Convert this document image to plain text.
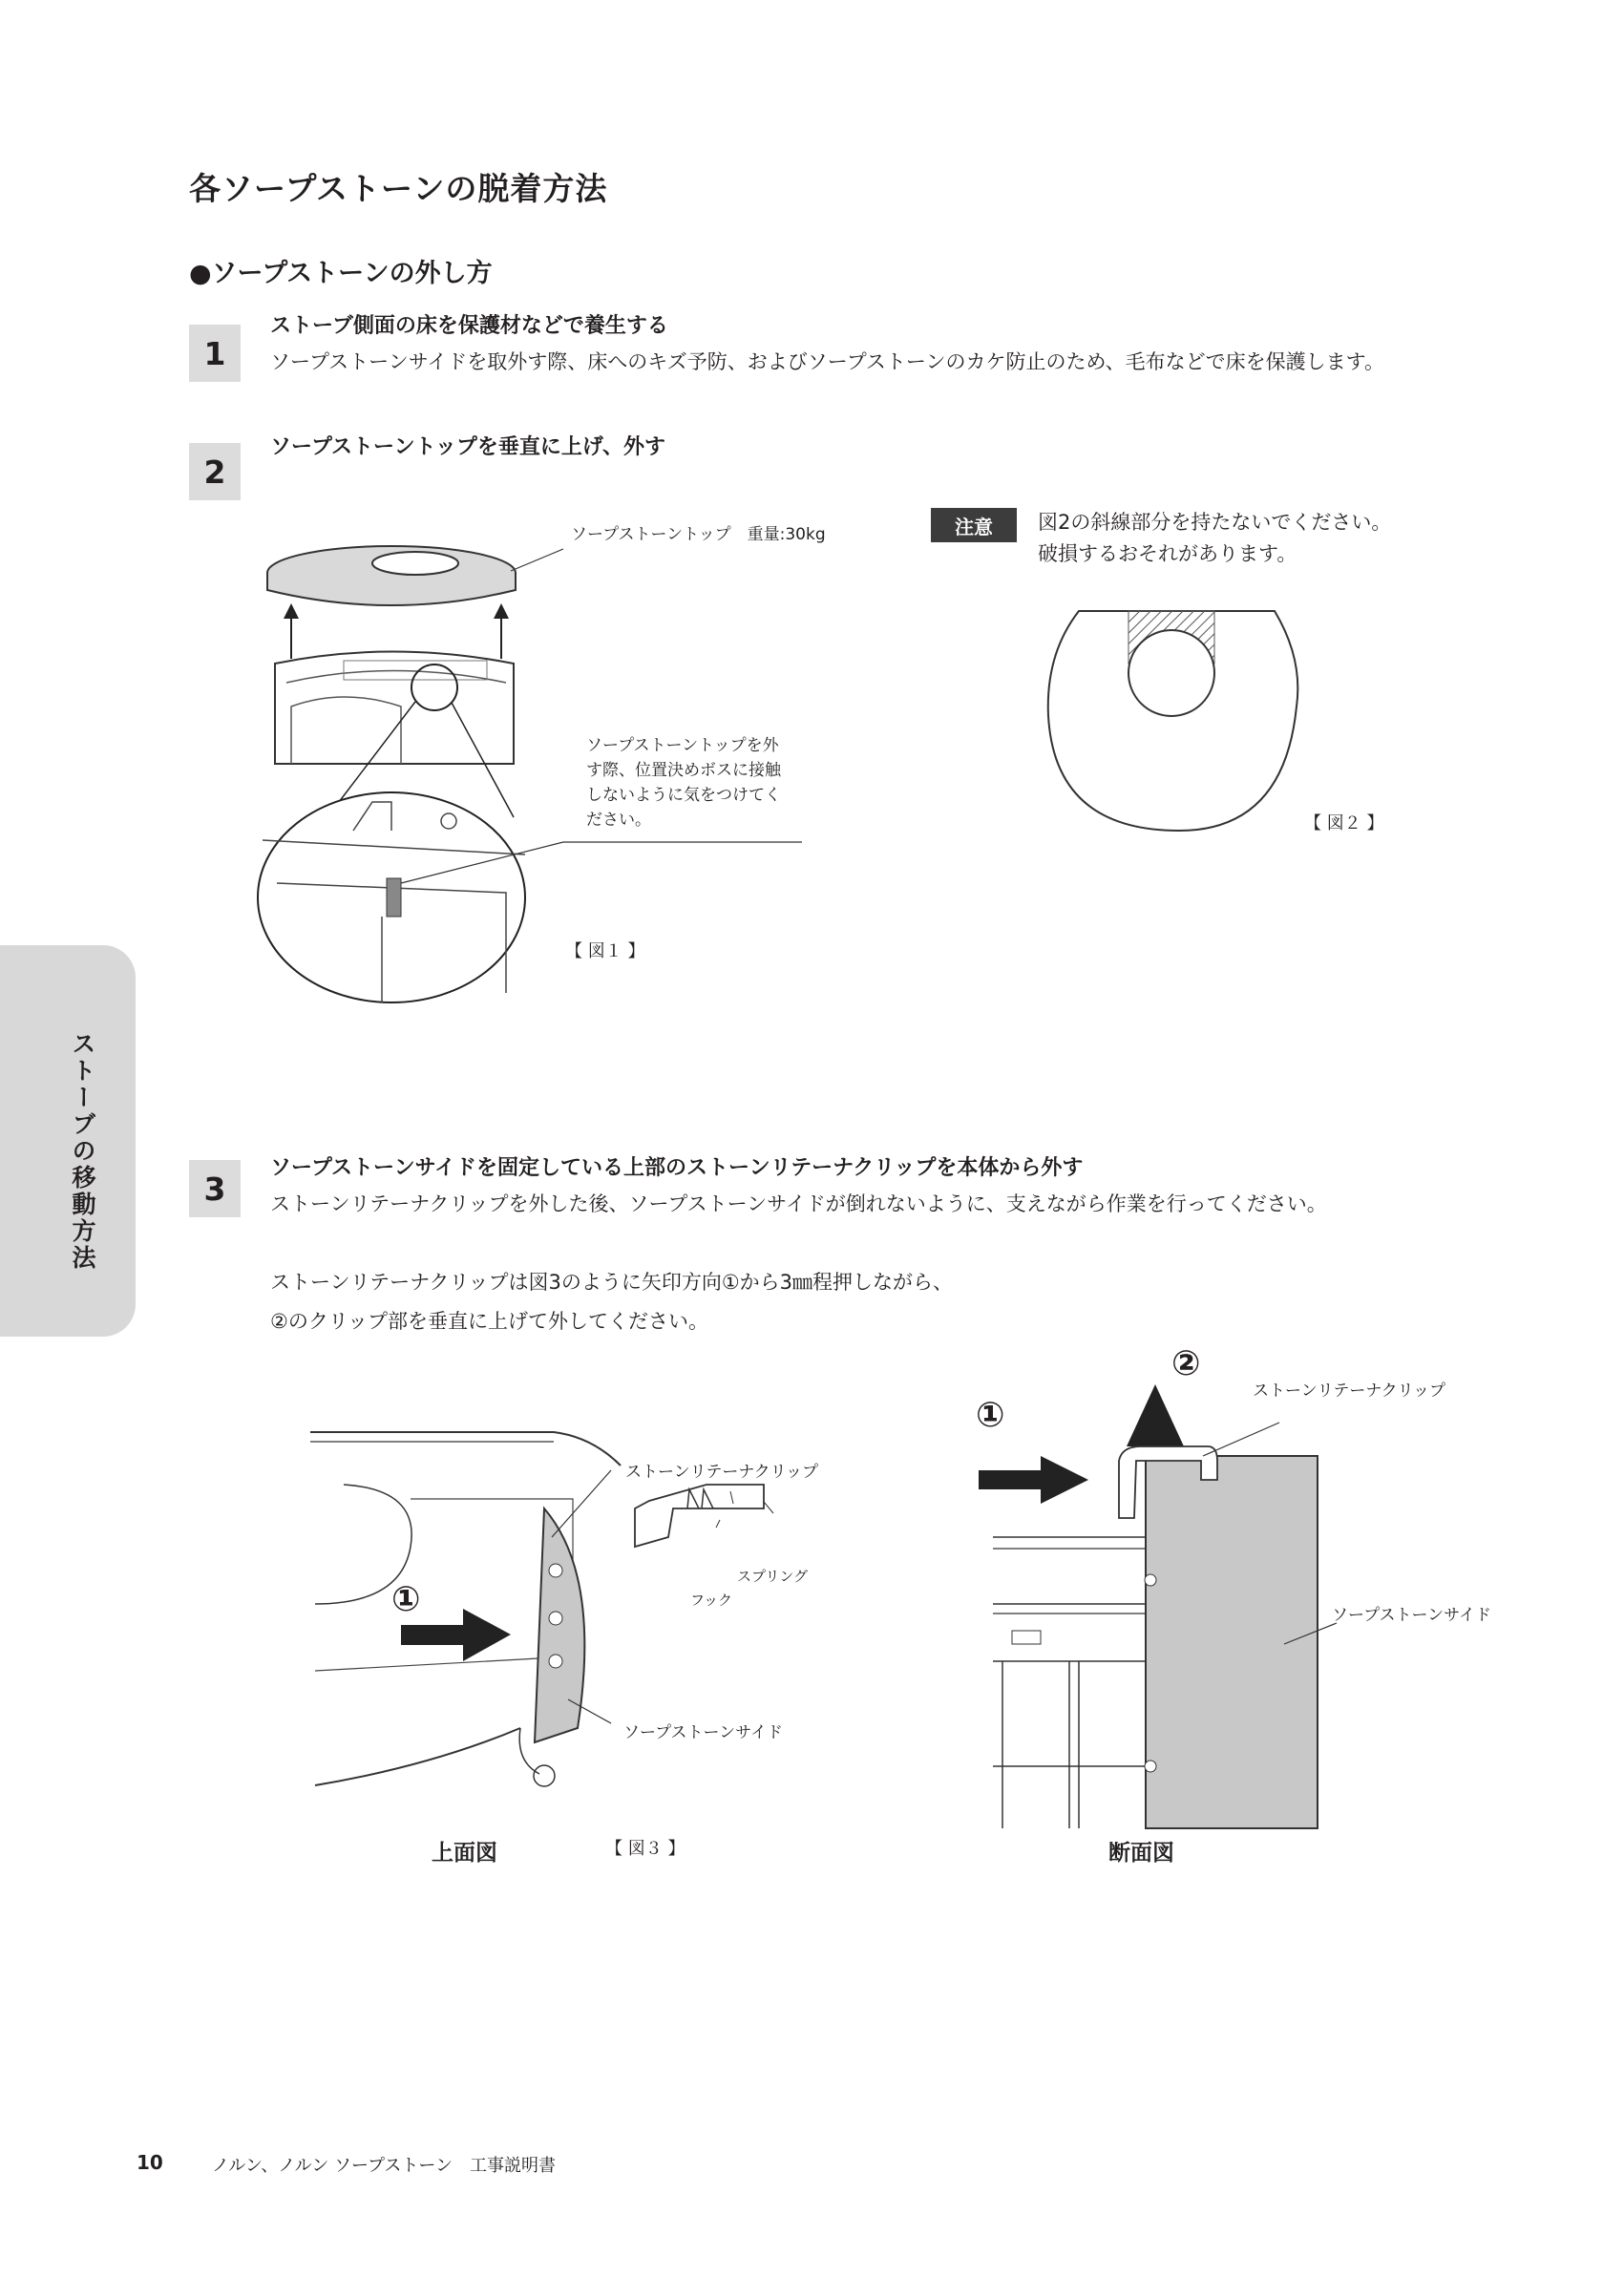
各ソープストーンの脱着方法
●ソープストーンの外し方
1
ストーブ側面の床を保護材などで養生する
ソープストーンサイドを取外す際、床へのキズ予防、およびソープストーンのカケ防止のため、毛布などで床を保護します。
2
ソープストーントップを垂直に上げ、外す
ソープストーントップ　重量:30kg
ソープストーントップを外
す際、位置決めボスに接触
しないように気をつけてく
ださい。
【 図１ 】
注意	図2の斜線部分を持たないでください。
破損するおそれがあります。
【 図２ 】
ストーブの移動方法	3
ソープストーンサイドを固定している上部のストーンリテーナクリップを本体から外す
ストーンリテーナクリップを外した後、ソープストーンサイドが倒れないように、支えながら作業を行ってください。
ストーンリテーナクリップは図3のように矢印方向①から3㎜程押しながら、
②のクリップ部を垂直に上げて外してください。
ストーンリテーナクリップ
スプリング
フック
ソープストーンサイド
①
上面図	【 図３ 】
①
②
ストーンリテーナクリップ
ソープストーンサイド
断面図
10	ノルン、ノルン ソープストーン　工事説明書
